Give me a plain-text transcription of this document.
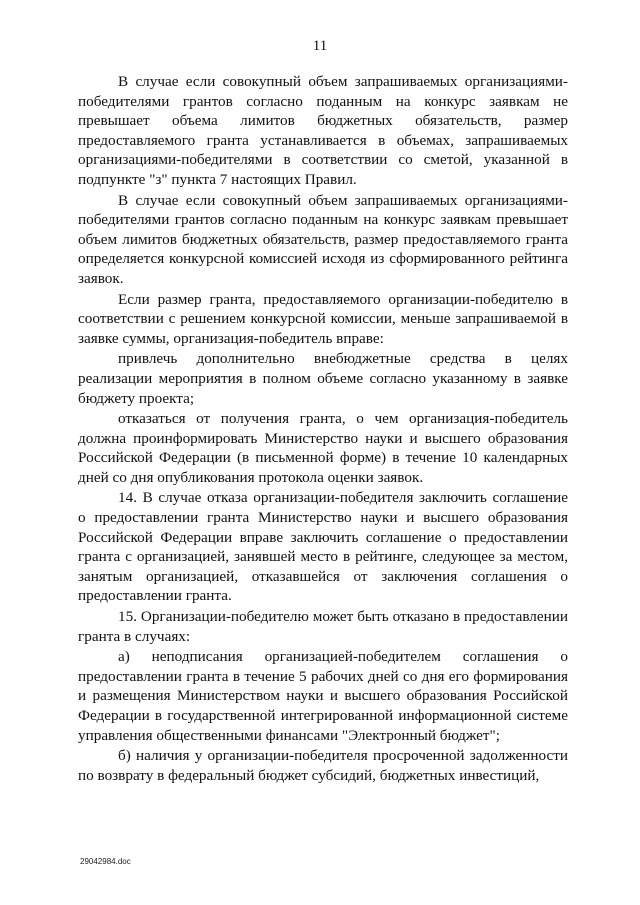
11

В случае если совокупный объем запрашиваемых организациями-победителями грантов согласно поданным на конкурс заявкам не превышает объема лимитов бюджетных обязательств, размер предоставляемого гранта устанавливается в объемах, запрашиваемых организациями-победителями в соответствии со сметой, указанной в подпункте "з" пункта 7 настоящих Правил.

В случае если совокупный объем запрашиваемых организациями-победителями грантов согласно поданным на конкурс заявкам превышает объем лимитов бюджетных обязательств, размер предоставляемого гранта определяется конкурсной комиссией исходя из сформированного рейтинга заявок.

Если размер гранта, предоставляемого организации-победителю в соответствии с решением конкурсной комиссии, меньше запрашиваемой в заявке суммы, организация-победитель вправе:

привлечь дополнительно внебюджетные средства в целях реализации мероприятия в полном объеме согласно указанному в заявке бюджету проекта;

отказаться от получения гранта, о чем организация-победитель должна проинформировать Министерство науки и высшего образования Российской Федерации (в письменной форме) в течение 10 календарных дней со дня опубликования протокола оценки заявок.

14. В случае отказа организации-победителя заключить соглашение о предоставлении гранта Министерство науки и высшего образования Российской Федерации вправе заключить соглашение о предоставлении гранта с организацией, занявшей место в рейтинге, следующее за местом, занятым организацией, отказавшейся от заключения соглашения о предоставлении гранта.

15. Организации-победителю может быть отказано в предоставлении гранта в случаях:

а) неподписания организацией-победителем соглашения о предоставлении гранта в течение 5 рабочих дней со дня его формирования и размещения Министерством науки и высшего образования Российской Федерации в государственной интегрированной информационной системе управления общественными финансами "Электронный бюджет";

б) наличия у организации-победителя просроченной задолженности по возврату в федеральный бюджет субсидий, бюджетных инвестиций,

29042984.doc
